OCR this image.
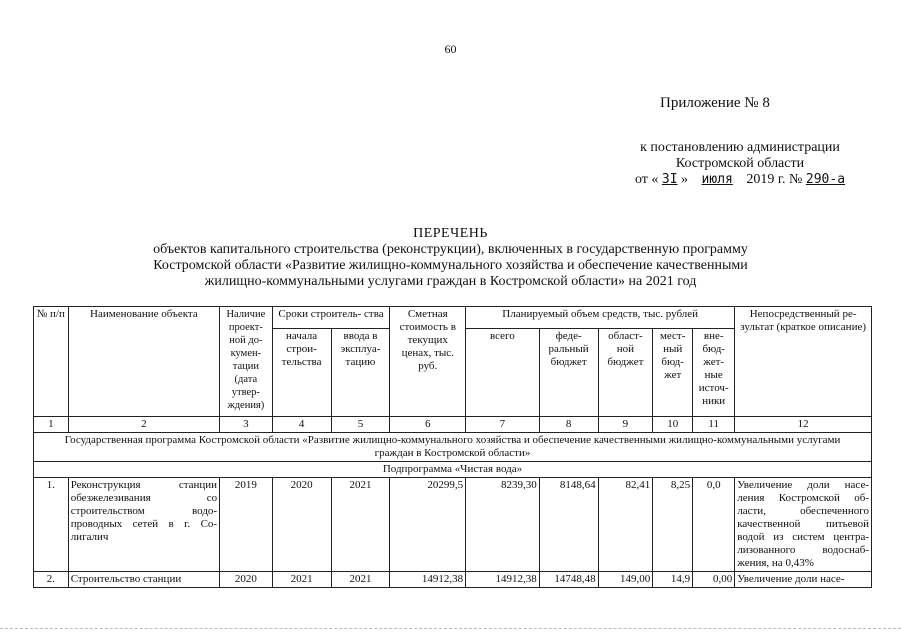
60
Приложение № 8
к постановлению администрации
Костромской области
от « 3I » июля 2019 г. № 290-а
ПЕРЕЧЕНЬ
объектов капитального строительства (реконструкции), включенных в государственную программу
Костромской области «Развитие жилищно-коммунального хозяйства и обеспечение качественными
жилищно-коммунальными услугами граждан в Костромской области» на 2021 год
№ п/п	Наименование объекта	Наличие проект- ной до- кумен- тации (дата утвер- ждения)	Сроки строитель- ства		Сметная стоимость в текущих ценах, тыс. руб.	Планируемый объем средств, тыс. рублей					Непосредственный ре- зультат (краткое описание)
			начала строи- тельства	ввода в эксплуа- тацию		всего	феде- ральный бюджет	област- ной бюджет	мест- ный бюд- жет	вне- бюд- жет- ные источ- ники	
1	2	3	4	5	6	7	8	9	10	11	12
Государственная программа Костромской области «Развитие жилищно-коммунального хозяйства и обеспечение качественными жилищно-коммунальными услугами граждан в Костромской области»											
Подпрограмма «Чистая вода»											
1.	Реконструкция станции обезжелезивания со строительством водо- проводных сетей в г. Со- лигалич	2019	2020	2021	20299,5	8239,30	8148,64	82,41	8,25	0,0	Увеличение доли насе- ления Костромской об- ласти, обеспеченного качественной питьевой водой из систем центра- лизованного водоснаб- жения, на 0,43%
2.	Строительство станции	2020	2021	2021	14912,38	14912,38	14748,48	149,00	14,9	0,00	Увеличение доли насе-
